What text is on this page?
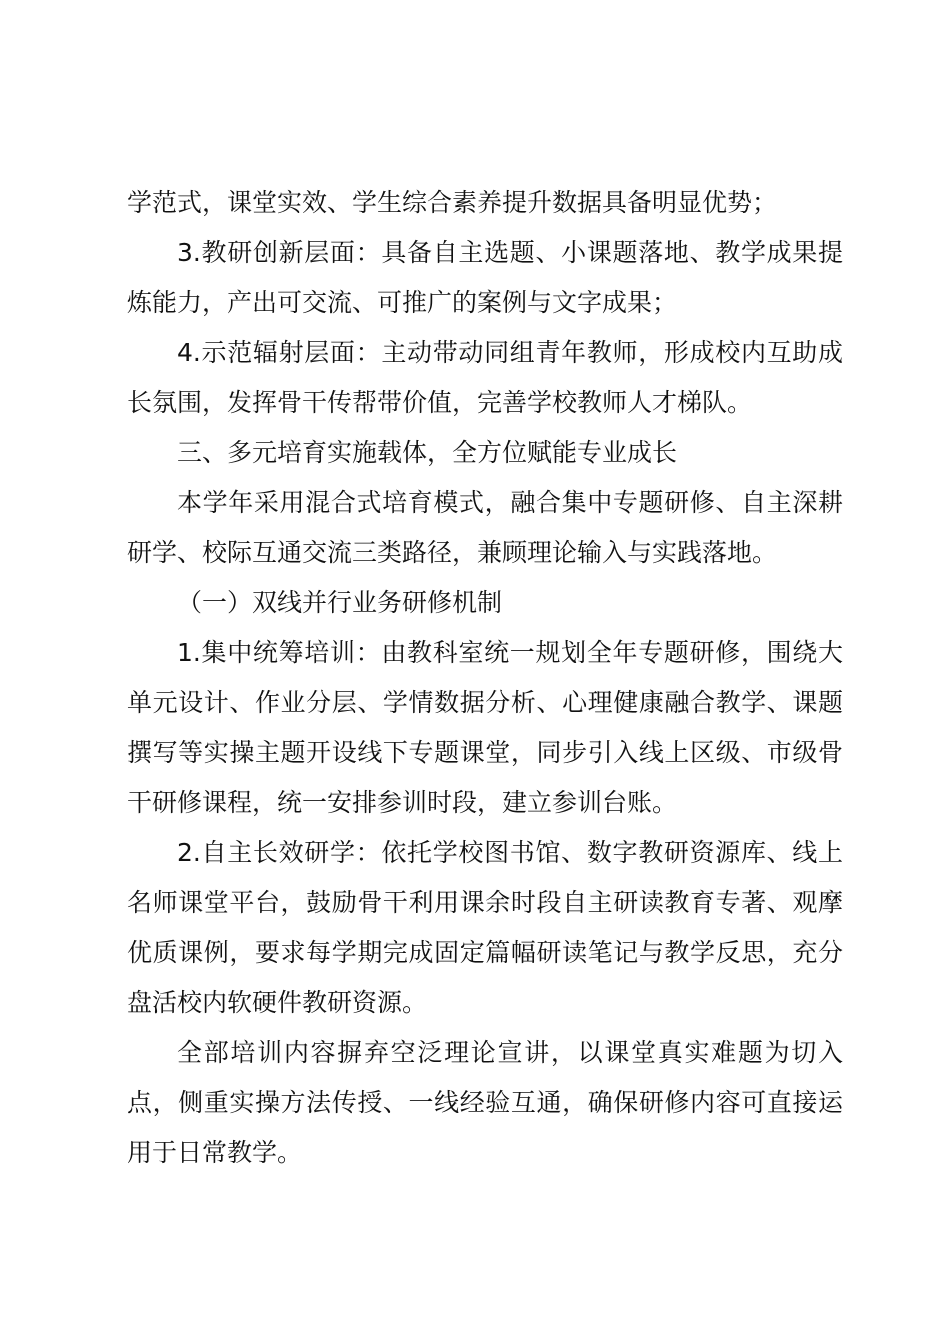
学范式，课堂实效、学生综合素养提升数据具备明显优势；

3.教研创新层面：具备自主选题、小课题落地、教学成果提炼能力，产出可交流、可推广的案例与文字成果；

4.示范辐射层面：主动带动同组青年教师，形成校内互助成长氛围，发挥骨干传帮带价值，完善学校教师人才梯队。

三、多元培育实施载体，全方位赋能专业成长

本学年采用混合式培育模式，融合集中专题研修、自主深耕研学、校际互通交流三类路径，兼顾理论输入与实践落地。

（一）双线并行业务研修机制

1.集中统筹培训：由教科室统一规划全年专题研修，围绕大单元设计、作业分层、学情数据分析、心理健康融合教学、课题撰写等实操主题开设线下专题课堂，同步引入线上区级、市级骨干研修课程，统一安排参训时段，建立参训台账。

2.自主长效研学：依托学校图书馆、数字教研资源库、线上名师课堂平台，鼓励骨干利用课余时段自主研读教育专著、观摩优质课例，要求每学期完成固定篇幅研读笔记与教学反思，充分盘活校内软硬件教研资源。

全部培训内容摒弃空泛理论宣讲，以课堂真实难题为切入点，侧重实操方法传授、一线经验互通，确保研修内容可直接运用于日常教学。
